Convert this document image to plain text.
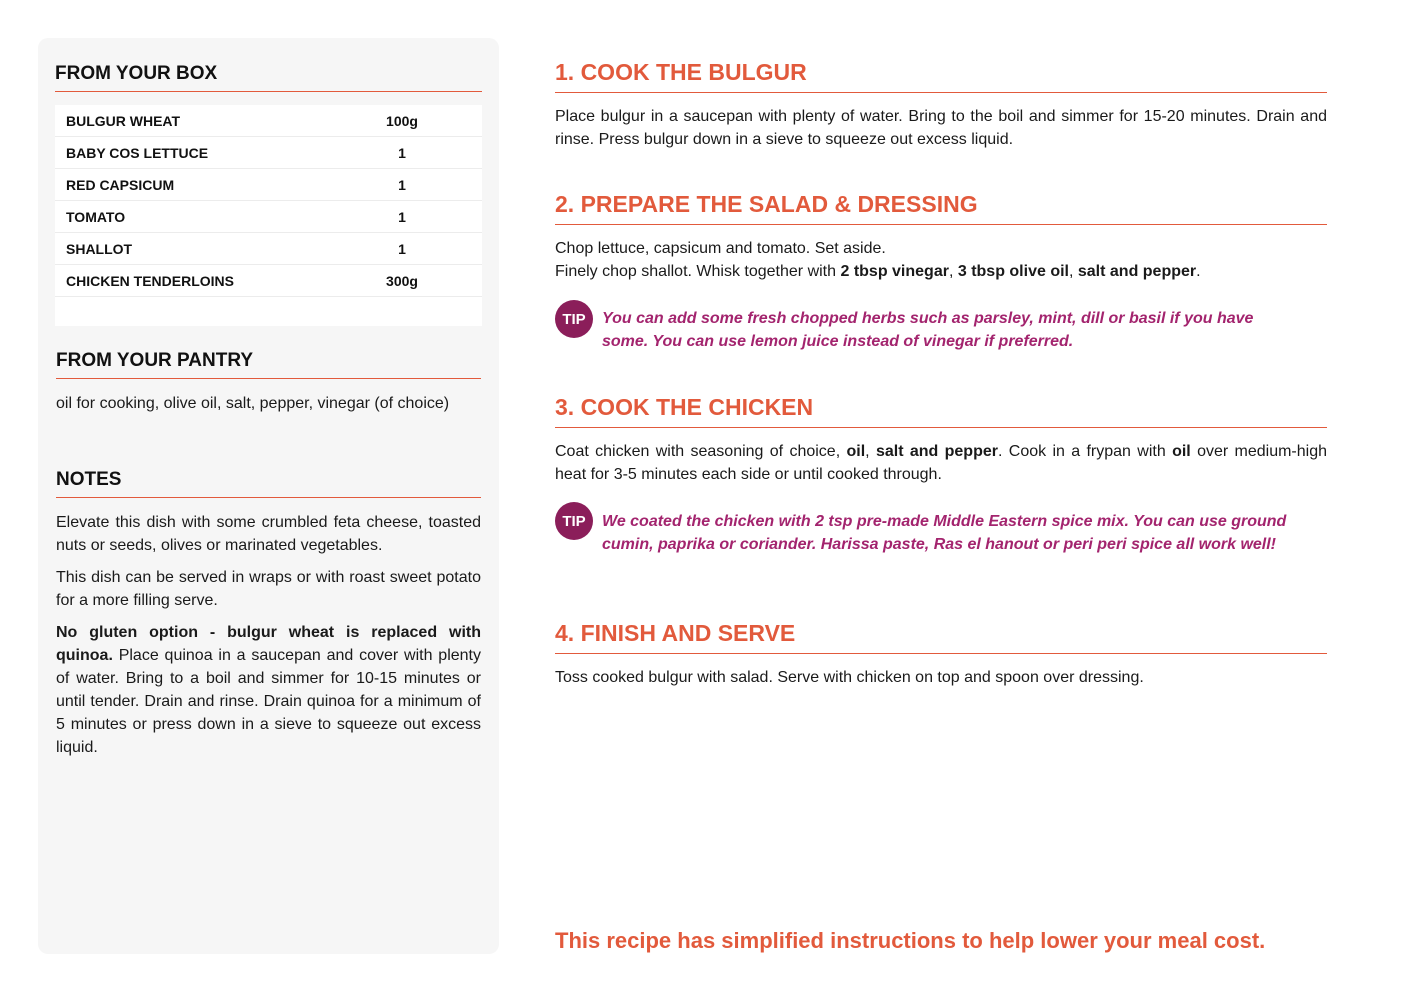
FROM YOUR BOX
BULGUR WHEAT	100g
BABY COS LETTUCE	1
RED CAPSICUM	1
TOMATO	1
SHALLOT	1
CHICKEN TENDERLOINS	300g
FROM YOUR PANTRY

oil for cooking, olive oil, salt, pepper, vinegar (of choice)

NOTES

Elevate this dish with some crumbled feta cheese, toasted nuts or seeds, olives or marinated vegetables.

This dish can be served in wraps or with roast sweet potato for a more filling serve.

No gluten option - bulgur wheat is replaced with quinoa. Place quinoa in a saucepan and cover with plenty of water. Bring to a boil and simmer for 10-15 minutes or until tender. Drain and rinse. Drain quinoa for a minimum of 5 minutes or press down in a sieve to squeeze out excess liquid.

1. COOK THE BULGUR

Place bulgur in a saucepan with plenty of water. Bring to the boil and simmer for 15-20 minutes. Drain and rinse. Press bulgur down in a sieve to squeeze out excess liquid.

2. PREPARE THE SALAD & DRESSING

Chop lettuce, capsicum and tomato. Set aside.
Finely chop shallot. Whisk together with 2 tbsp vinegar, 3 tbsp olive oil, salt and pepper.

TIP	You can add some fresh chopped herbs such as parsley, mint, dill or basil if you have some. You can use lemon juice instead of vinegar if preferred.

3. COOK THE CHICKEN

Coat chicken with seasoning of choice, oil, salt and pepper. Cook in a frypan with oil over medium-high heat for 3-5 minutes each side or until cooked through.

TIP	We coated the chicken with 2 tsp pre-made Middle Eastern spice mix. You can use ground cumin, paprika or coriander. Harissa paste, Ras el hanout or peri peri spice all work well!

4. FINISH AND SERVE

Toss cooked bulgur with salad. Serve with chicken on top and spoon over dressing.

This recipe has simplified instructions to help lower your meal cost.
